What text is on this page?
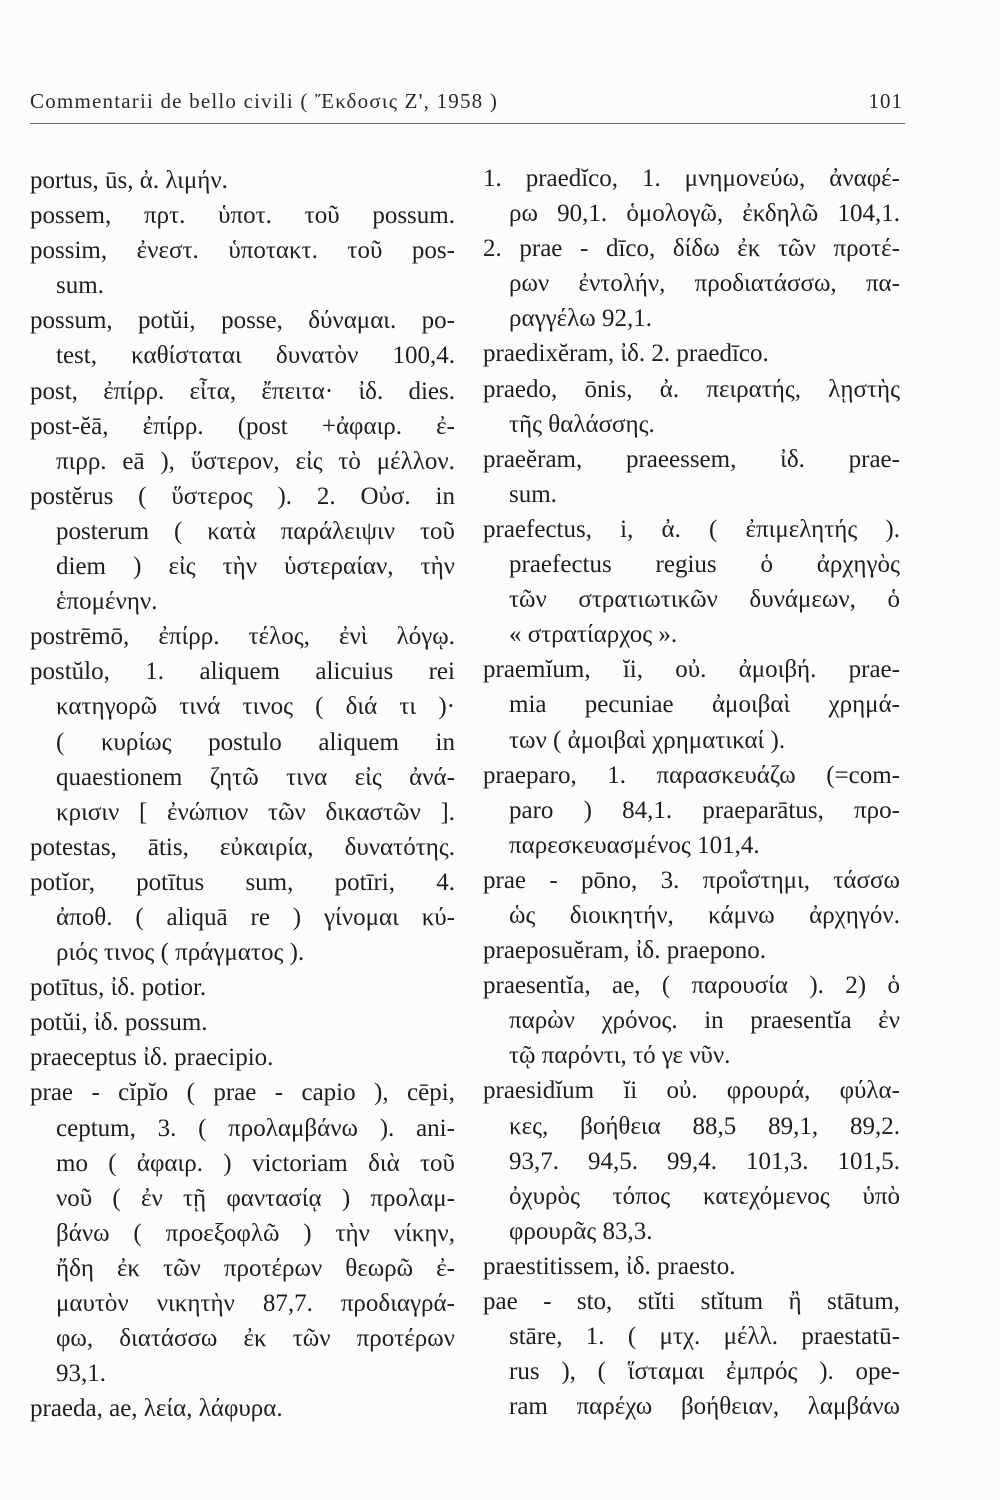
Commentarii de bello civili ( Ἔκδοσις Ζ', 1958 )	101
portus, ūs, ἀ. λιμήν.
possem, πρτ. ὑποτ. τοῦ possum.
possim, ἐνεστ. ὑποτακτ. τοῦ pos-
sum.
possum, potŭi, posse, δύναμαι. po-
test, καθίσταται δυνατὸν 100,4.
post, ἐπίρρ. εἶτα, ἔπειτα· ἰδ. dies.
post-ĕā, ἐπίρρ. (post +ἀφαιρ. ἐ-
πιρρ. eā ), ὕστερον, εἰς τὸ μέλλον.
postĕrus ( ὕστερος ). 2. Οὐσ. in
posterum ( κατὰ παράλειψιν τοῦ
diem ) εἰς τὴν ὑστεραίαν, τὴν
ἑπομένην.
postrēmō, ἐπίρρ. τέλος, ἐνὶ λόγῳ.
postŭlo, 1. aliquem alicuius rei
κατηγορῶ τινά τινος ( διά τι )·
( κυρίως postulo aliquem in
quaestionem ζητῶ τινα εἰς ἀνά-
κρισιν [ ἐνώπιον τῶν δικαστῶν ].
potestas, ātis, εὐκαιρία, δυνατότης.
potĭor, potītus sum, potīri, 4.
ἀποθ. ( aliquā re ) γίνομαι κύ-
ριός τινος ( πράγματος ).
potītus, ἰδ. potior.
potŭi, ἰδ. possum.
praeceptus ἰδ. praecipio.
prae - cĭpĭo ( prae - capio ), cēpi,
ceptum, 3. ( προλαμβάνω ). ani-
mo ( ἀφαιρ. ) victoriam διὰ τοῦ
νοῦ ( ἐν τῇ φαντασίᾳ ) προλαμ-
βάνω ( προεξοφλῶ ) τὴν νίκην,
ἤδη ἐκ τῶν προτέρων θεωρῶ ἐ-
μαυτὸν νικητὴν 87,7. προδιαγρά-
φω, διατάσσω ἐκ τῶν προτέρων
93,1.
praeda, ae, λεία, λάφυρα.
1. praedĭco, 1. μνημονεύω, ἀναφέ-
ρω 90,1. ὁμολογῶ, ἐκδηλῶ 104,1.
2. prae - dīco, δίδω ἐκ τῶν προτέ-
ρων ἐντολήν, προδιατάσσω, πα-
ραγγέλω 92,1.
praedixĕram, ἰδ. 2. praedīco.
praedo, ōnis, ἀ. πειρατής, λῃστὴς
τῆς θαλάσσης.
praeĕram, praeessem, ἰδ. prae-
sum.
praefectus, i, ἀ. ( ἐπιμελητής ).
praefectus regius ὁ ἀρχηγὸς
τῶν στρατιωτικῶν δυνάμεων, ὁ
« στρατίαρχος ».
praemĭum, ĭi, οὐ. ἀμοιβή. prae-
mia pecuniae ἀμοιβαὶ χρημά-
των ( ἀμοιβαὶ χρηματικαί ).
praeparo, 1. παρασκευάζω (=com-
paro ) 84,1. praeparātus, προ-
παρεσκευασμένος 101,4.
prae - pōno, 3. προΐστημι, τάσσω
ὡς διοικητήν, κάμνω ἀρχηγόν.
praeposuĕram, ἰδ. praepono.
praesentĭa, ae, ( παρουσία ). 2) ὁ
παρὼν χρόνος. in praesentĭa ἐν
τῷ παρόντι, τό γε νῦν.
praesidĭum ĭi οὐ. φρουρά, φύλα-
κες, βοήθεια 88,5 89,1, 89,2.
93,7. 94,5. 99,4. 101,3. 101,5.
ὀχυρὸς τόπος κατεχόμενος ὑπὸ
φρουρᾶς 83,3.
praestitissem, ἰδ. praesto.
pae - sto, stĭti stĭtum ἢ stātum,
stāre, 1. ( μτχ. μέλλ. praestatū-
rus ), ( ἵσταμαι ἐμπρός ). ope-
ram παρέχω βοήθειαν, λαμβάνω
